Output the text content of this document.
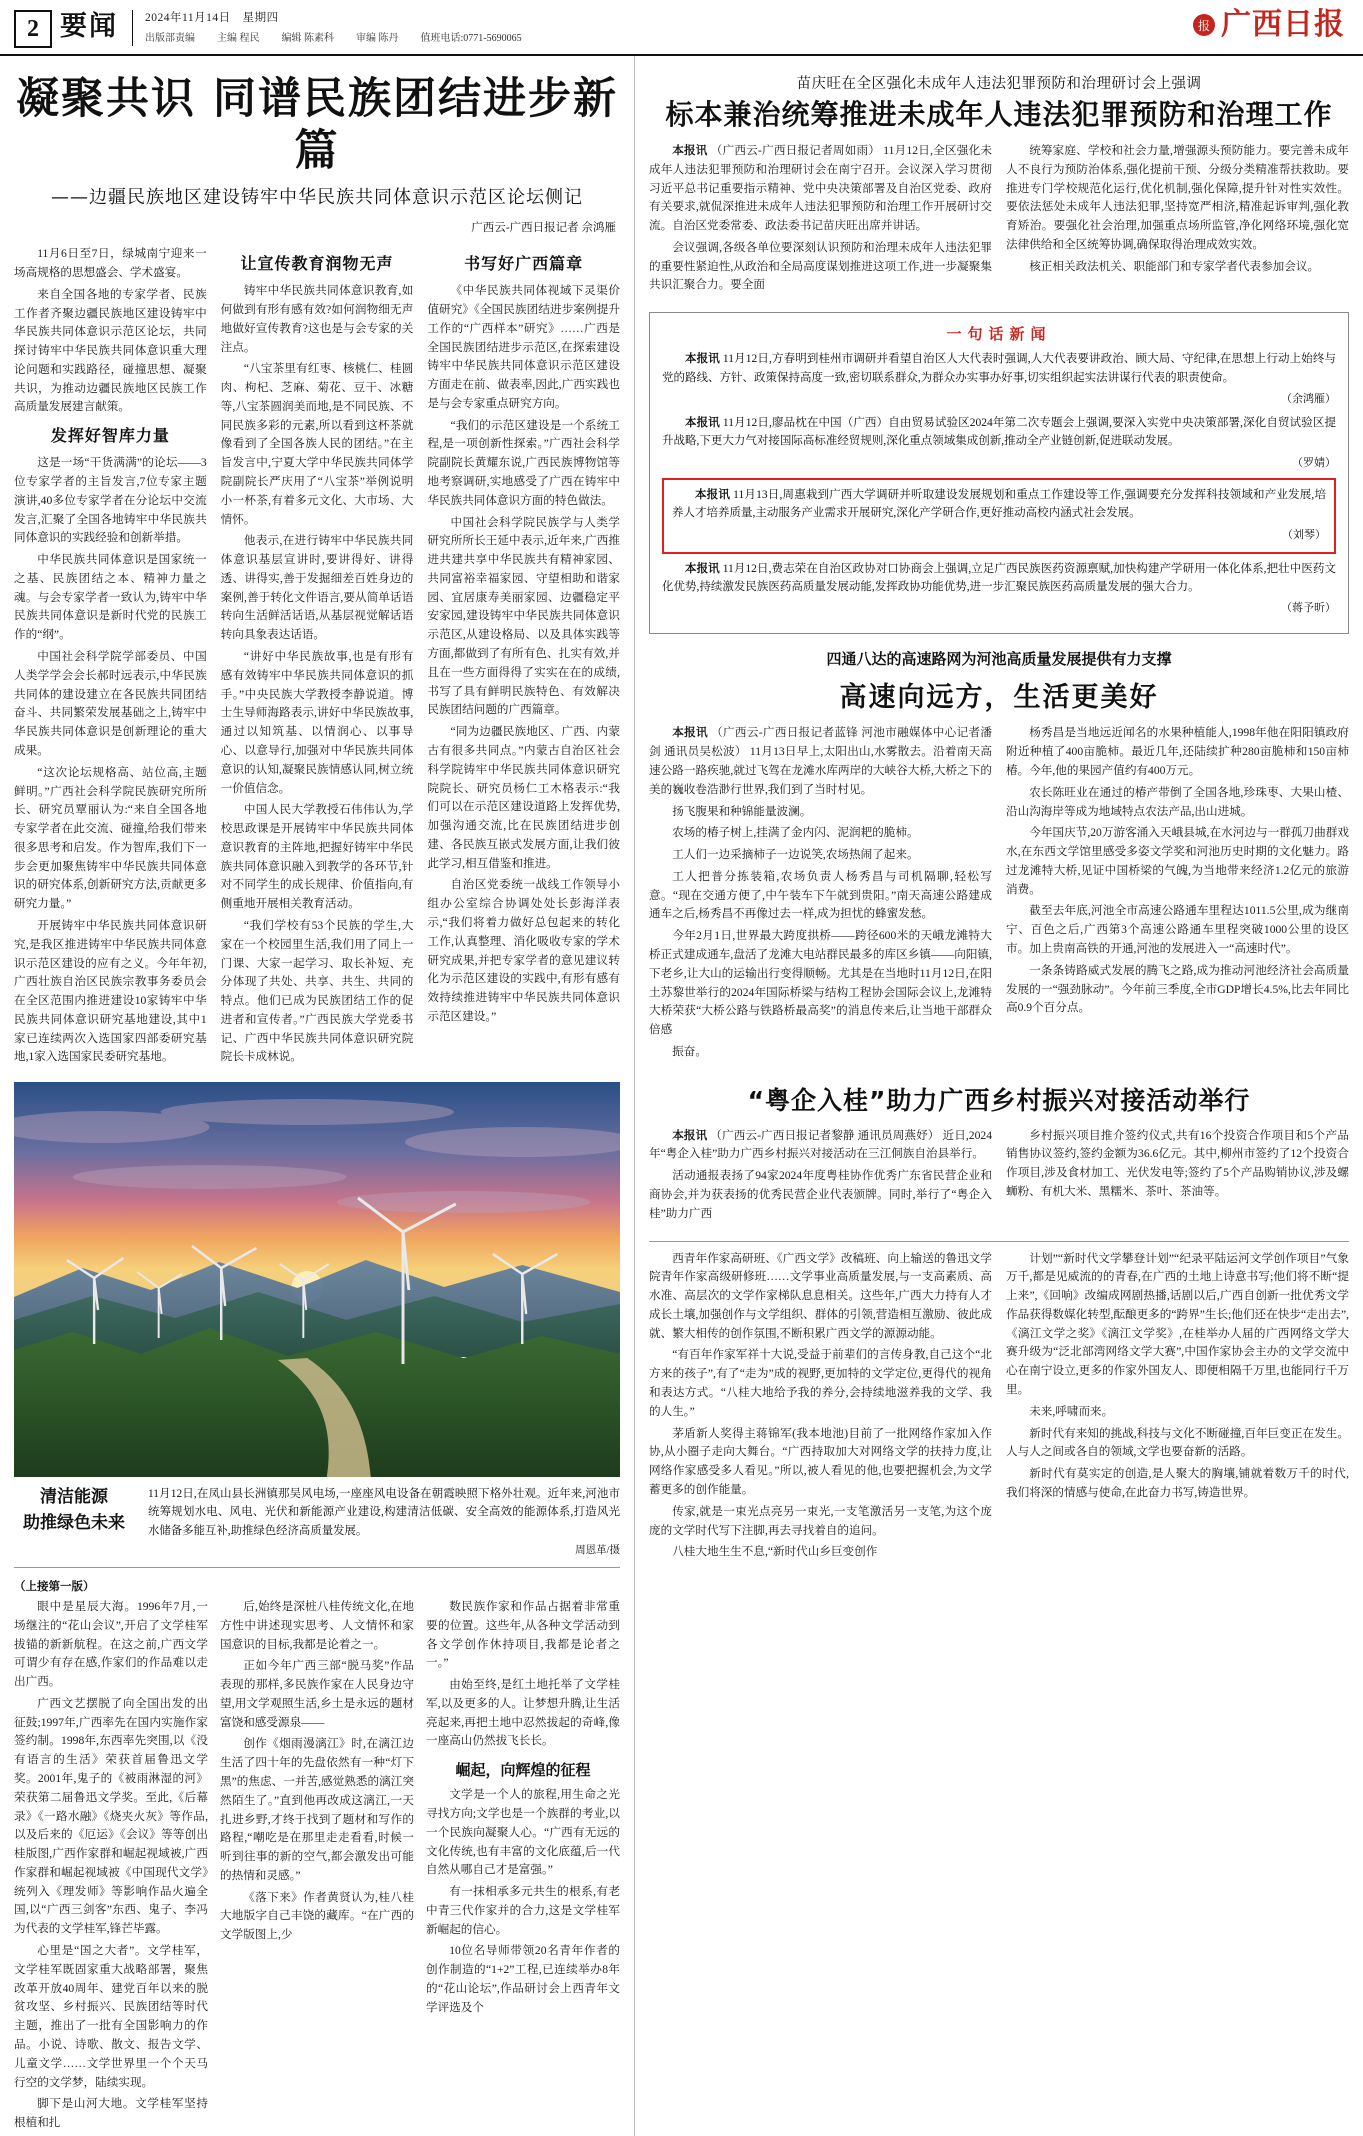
2 要闻 2024年11月14日　星期四
出版部责编 主编 程民 编辑 陈素科 审编 陈丹 值班电话:0771-5690065
报 广西日报
凝聚共识 同谱民族团结进步新篇
——边疆民族地区建设铸牢中华民族共同体意识示范区论坛侧记
广西云-广西日报记者 佘鸿雁

11月6日至7日，绿城南宁迎来一场高规格的思想盛会、学术盛宴。

来自全国各地的专家学者、民族工作者齐聚边疆民族地区建设铸牢中华民族共同体意识示范区论坛，共同探讨铸牢中华民族共同体意识重大理论问题和实践路径，碰撞思想、凝聚共识，为推动边疆民族地区民族工作高质量发展建言献策。

发挥好智库力量

这是一场“干货满满”的论坛——3位专家学者的主旨发言,7位专家主题演讲,40多位专家学者在分论坛中交流发言,汇聚了全国各地铸牢中华民族共同体意识的实践经验和创新举措。

中华民族共同体意识是国家统一之基、民族团结之本、精神力量之魂。与会专家学者一致认为,铸牢中华民族共同体意识是新时代党的民族工作的“纲”。

中国社会科学院学部委员、中国人类学学会会长郝时远表示,中华民族共同体的建设建立在各民族共同团结奋斗、共同繁荣发展基础之上,铸牢中华民族共同体意识是创新理论的重大成果。

“这次论坛规格高、站位高,主题鲜明。”广西社会科学院民族研究所所长、研究员覃丽认为:“来自全国各地专家学者在此交流、碰撞,给我们带来很多思考和启发。作为智库,我们下一步会更加聚焦铸牢中华民族共同体意识的研究体系,创新研究方法,贡献更多研究力量。”

开展铸牢中华民族共同体意识研究,是我区推进铸牢中华民族共同体意识示范区建设的应有之义。今年年初,广西壮族自治区民族宗教事务委员会在全区范围内推进建设10家铸牢中华民族共同体意识研究基地建设,其中1家已连续两次入选国家四部委研究基地,1家入选国家民委研究基地。

让宣传教育润物无声

铸牢中华民族共同体意识教育,如何做到有形有感有效?如何润物细无声地做好宣传教育?这也是与会专家的关注点。

“八宝茶里有红枣、核桃仁、桂圆肉、枸杞、芝麻、菊花、豆干、冰糖等,八宝茶圆润美而地,是不同民族、不同民族多彩的元素,所以看到这杯茶就像看到了全国各族人民的团结。”在主旨发言中,宁夏大学中华民族共同体学院副院长严庆用了“八宝茶”举例说明小一杯茶,有着多元文化、大市场、大情怀。

他表示,在进行铸牢中华民族共同体意识基层宣讲时,要讲得好、讲得透、讲得实,善于发掘细差百姓身边的案例,善于转化文件语言,要从简单话语转向生活鲜活话语,从基层视觉解话语转向具象表达话语。

“讲好中华民族故事,也是有形有感有效铸牢中华民族共同体意识的抓手。”中央民族大学教授李静说道。博士生导师海路表示,讲好中华民族故事,通过以知筑基、以情润心、以事导心、以意导行,加强对中华民族共同体意识的认知,凝聚民族情感认同,树立统一价值信念。

中国人民大学教授石伟伟认为,学校思政课是开展铸牢中华民族共同体意识教育的主阵地,把握好铸牢中华民族共同体意识融入到教学的各环节,针对不同学生的成长规律、价值指向,有侧重地开展相关教育活动。

“我们学校有53个民族的学生,大家在一个校园里生活,我们用了同上一门课、大家一起学习、取长补短、充分体现了共处、共享、共生、共同的特点。他们已成为民族团结工作的促进者和宣传者。”广西民族大学党委书记、广西中华民族共同体意识研究院院长卡成林说。

书写好广西篇章

《中华民族共同体视域下灵渠价值研究》《全国民族团结进步案例提升工作的“广西样本”研究》……广西是全国民族团结进步示范区,在探索建设铸牢中华民族共同体意识示范区建设方面走在前、做表率,因此,广西实践也是与会专家重点研究方向。

“我们的示范区建设是一个系统工程,是一项创新性探索。”广西社会科学院副院长黄耀东说,广西民族博物馆等地考察调研,实地感受了广西在铸牢中华民族共同体意识方面的特色做法。

中国社会科学院民族学与人类学研究所所长王延中表示,近年来,广西推进共建共享中华民族共有精神家园、共同富裕幸福家园、守望相助和谐家园、宜居康寿美丽家园、边疆稳定平安家园,建设铸牢中华民族共同体意识示范区,从建设格局、以及具体实践等方面,都做到了有所有色、扎实有效,并且在一些方面得得了实实在在的成绩,书写了具有鲜明民族特色、有效解决民族团结问题的广西篇章。

“同为边疆民族地区、广西、内蒙古有很多共同点。”内蒙古自治区社会科学院铸牢中华民族共同体意识研究院院长、研究员杨仁工木格表示:“我们可以在示范区建设道路上发挥优势,加强沟通交流,比在民族团结进步创建、各民族互嵌式发展方面,让我们彼此学习,相互借鉴和推进。

自治区党委统一战线工作领导小组办公室综合协调处处长彭海洋表示,“我们将着力做好总包起来的转化工作,认真整理、消化吸收专家的学术研究成果,并把专家学者的意见建议转化为示范区建设的实践中,有形有感有效持续推进铸牢中华民族共同体意识示范区建设。”

清洁能源
助推绿色未来
11月12日,在凤山县长洲镇那吴风电场,一座座风电设备在朝霞映照下格外壮观。近年来,河池市统筹规划水电、风电、光伏和新能源产业建设,构建清洁低碳、安全高效的能源体系,打造风光水储备多能互补,助推绿色经济高质量发展。
周恩革/摄
（上接第一版）

眼中是星辰大海。1996年7月,一场继注的“花山会议”,开启了文学桂军拔锚的新新航程。在这之前,广西文学可谓少有存在感,作家们的作品难以走出广西。

广西文艺摆脱了向全国出发的出征鼓;1997年,广西率先在国内实施作家签约制。1998年,东西率先突围,以《没有语言的生活》荣获首届鲁迅文学奖。2001年,鬼子的《被雨淋湿的河》荣获第二届鲁迅文学奖。至此,《后幕录》《一路水融》《烧夹火灰》等作品,以及后来的《厄运》《会议》等等创出桂版图,广西作家群和崛起视域被,广西作家群和崛起视域被《中国现代文学》统列入《理发师》等影响作品火遍全国,以“广西三剑客”东西、鬼子、李冯为代表的文学桂军,锋芒毕露。

心里是“国之大者”。文学桂军，文学桂军既固家重大战略部署，聚焦改革开放40周年、建党百年以来的脱贫攻坚、乡村振兴、民族团结等时代主题，推出了一批有全国影响力的作品。小说、诗歌、散文、报告文学、儿童文学……文学世界里一个个天马行空的文学梦，陆续实现。

脚下是山河大地。文学桂军坚持根植和扎

后,始终是深桩八桂传统文化,在地方性中讲述现实思考、人文情怀和家国意识的目标,我都是论着之一。

正如今年广西三部“脱马奖”作品表现的那样,多民族作家在人民身边守望,用文学观照生活,乡土是永远的题材富饶和感受源泉——

创作《烟雨漫漓江》时,在漓江边生活了四十年的先盘依然有一种“灯下黑”的焦虑、一并苦,感觉熟悉的漓江突然陌生了。”直到他再改成这漓江,一天扎进乡野,才终于找到了题材和写作的路程,“嘲吃是在那里走走看看,时候一听到往事的新的空气,都会激发出可能的热情和灵感。”

《落下来》作者黄贤认为,桂八桂大地版字自己丰饶的藏库。“在广西的文学版图上,少

数民族作家和作品占据着非常重要的位置。这些年,从各种文学活动到各文学创作休持项目,我都是论者之一。”

由始至终,是红土地托举了文学桂军,以及更多的人。让梦想升腾,让生活亮起来,再把土地中忍然拔起的奇峰,像一座高山仍然拔飞长长。

崛起，向辉煌的征程

文学是一个人的旅程,用生命之光寻找方向;文学也是一个族群的考业,以一个民族向凝聚人心。“广西有无远的文化传统,也有丰富的文化底蕴,后一代自然从哪自己才是富强。”

有一抹相承多元共生的根系,有老中青三代作家并的合力,这是文学桂军新崛起的信心。

10位名导师带领20名青年作者的创作制造的“1+2”工程,已连续举办8年的“花山论坛”,作品研讨会上西青年文学评选及个

苗庆旺在全区强化未成年人违法犯罪预防和治理研讨会上强调
标本兼治统筹推进未成年人违法犯罪预防和治理工作

本报讯 （广西云-广西日报记者周如雨） 11月12日,全区强化未成年人违法犯罪预防和治理研讨会在南宁召开。会议深入学习贯彻习近平总书记重要指示精神、党中央决策部署及自治区党委、政府有关要求,就侃深推进未成年人违法犯罪预防和治理工作开展研讨交流。自治区党委常委、政法委书记苗庆旺出席并讲话。

会议强调,各级各单位要深刻认识预防和治理未成年人违法犯罪的重要性紧迫性,从政治和全局高度谋划推进这项工作,进一步凝聚集共识汇聚合力。要全面

统筹家庭、学校和社会力量,增强源头预防能力。要完善未成年人不良行为预防治体系,强化提前干预、分级分类精准帮扶救助。要推进专门学校规范化运行,优化机制,强化保障,提升针对性实效性。要依法惩处未成年人违法犯罪,坚持宽严相济,精准起诉审判,强化教育矫治。要强化社会治理,加强重点场所监管,净化网络环境,强化宽法律供给和全区统筹协调,确保取得治理成效实效。

核正相关政法机关、职能部门和专家学者代表参加会议。

一句话新闻

本报讯 11月12日,方春明到桂州市调研并看望自治区人大代表时强调,人大代表要讲政治、顾大局、守纪律,在思想上行动上始终与党的路线、方针、政策保持高度一致,密切联系群众,为群众办实事办好事,切实组织起实法讲谋行代表的职责使命。

（余鸿雁）

本报讯 11月12日,廖品枕在中国（广西）自由贸易试验区2024年第二次专题会上强调,要深入实党中央决策部署,深化自贸试验区提升战略,下更大力气对接国际高标准经贸规则,深化重点领域集成创新,推动全产业链创新,促进联动发展。

（罗婧）

本报讯 11月13日,周惠栽到广西大学调研并听取建设发展规划和重点工作建设等工作,强调要充分发挥科技领域和产业发展,培养人才培养质量,主动服务产业需求开展研究,深化产学研合作,更好推动高校内涵式社会发展。

（刘琴）

本报讯 11月12日,费志荣在自治区政协对口协商会上强调,立足广西民族医药资源禀赋,加快构建产学研用一体化体系,把壮中医药文化优势,持续激发民族医药高质量发展动能,发挥政协功能优势,进一步汇聚民族医药高质量发展的强大合力。

（蒋予昕）
四通八达的高速路网为河池高质量发展提供有力支撑
高速向远方，生活更美好

本报讯 （广西云-广西日报记者蓝锋 河池市融媒体中心记者潘剑 通讯员吴松波） 11月13日早上,太阳出山,水雾散去。沿着南天高速公路一路疾驰,就过飞驾在龙滩水库两岸的大峡谷大桥,大桥之下的美的巍收卷浩渺行世界,我们到了当时村见。

扬飞腹果和种锦能量波澜。

农场的椿子树上,挂满了金内闪、泥润耙的脆柿。

工人们一边采摘柿子一边说笑,农场热闹了起来。

工人把普分拣装箱,农场负责人杨秀昌与司机隔聊,轻松写意。“现在交通方便了,中午装车下午就到贵阳。”南天高速公路建成通车之后,杨秀昌不再像过去一样,成为担忧的蜂蜜发愁。

今年2月1日,世界最大跨度拱桥——跨径600米的天峨龙滩特大桥正式建成通车,盘活了龙滩大电站群民最多的库区乡镇——向阳镇,下老乡,让大山的运输出行变得顺畅。尤其是在当地时11月12日,在阳土苏黎世举行的2024年国际桥梁与结构工程协会国际会议上,龙滩特大桥荣获“大桥公路与铁路桥最高奖”的消息传来后,让当地干部群众倍感

振奋。

杨秀昌是当地远近闻名的水果种植能人,1998年他在阳阳镇政府附近种植了400亩脆柿。最近几年,还陆续扩种280亩脆柿和150亩柿椿。今年,他的果园产值约有400万元。

农长陈旺业在通过的椿产带倒了全国各地,珍珠枣、大果山楂、沿山沟海岸等成为地域特点农法产品,出山进城。

今年国庆节,20万游客涌入天峨县城,在水河边与一群孤刀曲群戏水,在东西文学馆里感受多姿文学奖和河池历史时期的文化魅力。路过龙滩特大桥,见证中国桥梁的气魄,为当地带来经济1.2亿元的旅游消费。

截至去年底,河池全市高速公路通车里程达1011.5公里,成为继南宁、百色之后,广西第3个高速公路通车里程突破1000公里的设区市。加上贵南高铁的开通,河池的发展进入一“高速时代”。

一条条铸路威式发展的腾飞之路,成为推动河池经济社会高质量发展的一“强劲脉动”。今年前三季度,全市GDP增长4.5%,比去年同比高0.9个百分点。

“粤企入桂”助力广西乡村振兴对接活动举行

本报讯 （广西云-广西日报记者黎静 通讯员周燕妤） 近日,2024年“粤企入桂”助力广西乡村振兴对接活动在三江侗族自治县举行。

活动通报表扬了94家2024年度粤桂协作优秀广东省民营企业和商协会,并为获表扬的优秀民营企业代表颁牌。同时,举行了“粤企入桂”助力广西

乡村振兴项目推介签约仪式,共有16个投资合作项目和5个产品销售协议签约,签约金额为36.6亿元。其中,柳州市签约了12个投资合作项目,涉及食材加工、光伏发电等;签约了5个产品购销协议,涉及螺蛳粉、有机大米、黑糯米、茶叶、茶油等。

西青年作家高研班、《广西文学》改稿班、向上输送的鲁迅文学院青年作家高级研修班……文学事业高质量发展,与一支高素质、高水准、高层次的文学作家梯队息息相关。这些年,广西大力持有人才成长土壤,加强创作与文学组织、群体的引领,营造相互激励、彼此成就、繁大相传的创作氛围,不断积累广西文学的源源动能。

“有百年作家军祥十大说,受益于前辈们的言传身教,自己这个“北方来的孩子”,有了“走为”成的视野,更加特的文学定位,更得代的视角和表达方式。“八桂大地给予我的养分,会持续地滋养我的文学、我的人生。”

茅盾新人奖得主蒋锦军(我本地池)目前了一批网络作家加入作协,从小圈子走向大舞台。“广西持取加大对网络文学的扶持力度,让网络作家感受多人看见。”所以,被人看见的他,也要把握机会,为文学蓄更多的创作能量。

传家,就是一束光点亮另一束光,一支笔激活另一支笔,为这个庞庞的文学时代写下注脚,再去寻找着自的追问。

八桂大地生生不息,“新时代山乡巨变创作

计划”“新时代文学攀登计划”“纪录平陆运河文学创作项目”气象万千,都是见威流的的青春,在广西的土地上诗意书写;他们将不断“提上来”,《回响》改编成网剧热播,话剧以后,广西自创新一批优秀文学作品获得数媒化转型,酝酿更多的“跨界”生长;他们还在快步“走出去”,《漓江文学之奖》《漓江文学奖》,在桂举办人届的广西网络文学大赛升级为“泛北部湾网络文学大赛”,中国作家协会主办的文学交流中心在南宁设立,更多的作家外国友人、即便相隔千万里,也能同行千万里。

未来,呼啸而来。

新时代有来知的挑战,科技与文化不断碰撞,百年巨变正在发生。人与人之间或各自的领域,文学也要奋新的活路。

新时代有莫实定的创造,是人聚大的胸壤,铺就着数万千的时代,我们将深的情感与使命,在此奋力书写,铸造世界。
